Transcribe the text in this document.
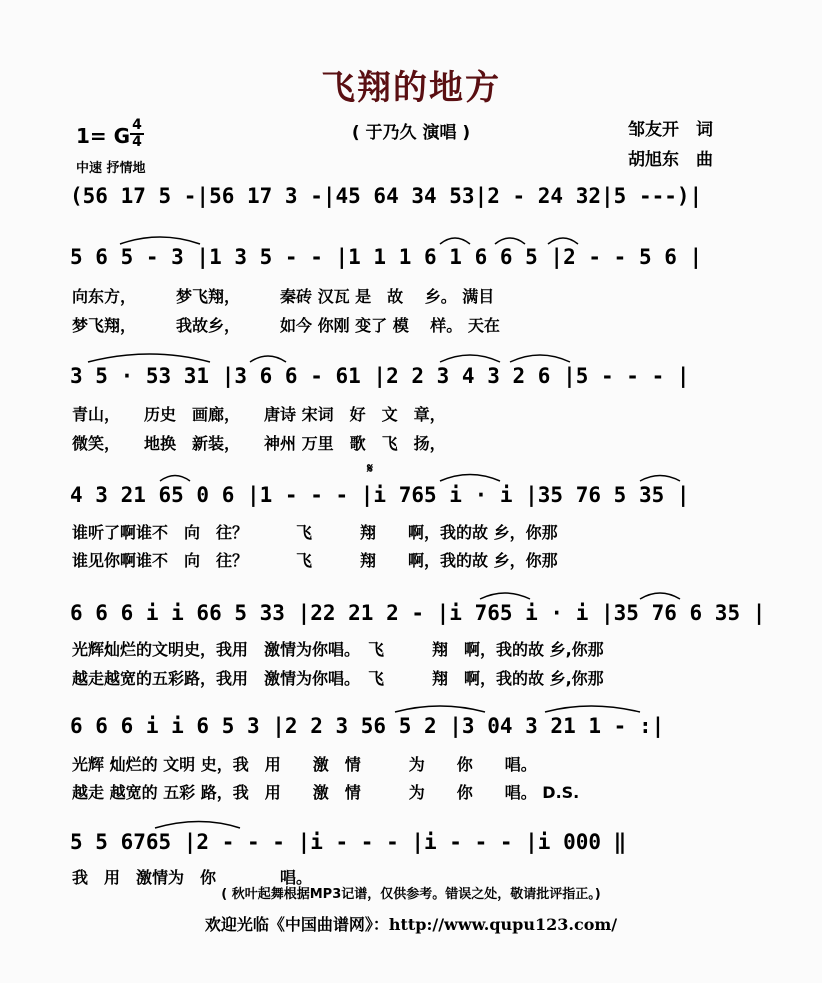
飞翔的地方
( 于乃久 演唱 )	邹友开　词
胡旭东　曲
1= G $\frac{4}{4}$
中速 抒情地
(56 17 5 -|56 17 3 -|45 64 34 53|2 - 24 32|5 ---)|
5 6 5 - 3 |1 3 5 - - |1 1 1 6 1 6 6 5 |2 - - 5 6 |
向东方，　　　梦飞翔，　　　秦砖 汉瓦 是　故　 乡。 满目
梦飞翔，　　　我故乡，　　　如今 你刚 变了 模　 样。 天在
3 5 · 53 31 |3 6 6 - 61 |2 2 3 4 3 2 6 |5 - - - |
青山，　　历史　画廊，　　唐诗 宋词　好　文　章，
微笑，　　地换　新装，　　神州 万里　歌　飞　扬，
𝄋
4 3 21 65 0 6 |1 - - - |i 765 i · i |35 76 5 35 |
谁听了啊谁不　向　往？　　　飞　　　翔　　啊，我的故 乡，你那
谁见你啊谁不　向　往？　　　飞　　　翔　　啊，我的故 乡，你那
6 6 6 i i 66 5 33 |22 21 2 - |i 765 i · i |35 76 6 35 |
光辉灿烂的文明史，我用　激情为你唱。　飞　　　翔　啊，我的故 乡,你那
越走越宽的五彩路，我用　激情为你唱。　飞　　　翔　啊，我的故 乡,你那
6 6 6 i i 6 5 3 |2 2 3 56 5 2 |3 04 3 21 1 - :|
光辉 灿烂的 文明 史，我　用　　激　情　　　为　　你　　唱。
越走 越宽的 五彩 路，我　用　　激　情　　　为　　你　　唱。 D.S.
5 5 6765 |2 - - - |i - - - |i - - - |i 000 ‖
我　用　激情为　你　　　　唱。
( 秋叶起舞根据MP3记谱，仅供参考。错误之处，敬请批评指正。)
欢迎光临《中国曲谱网》：http://www.qupu123.com/
